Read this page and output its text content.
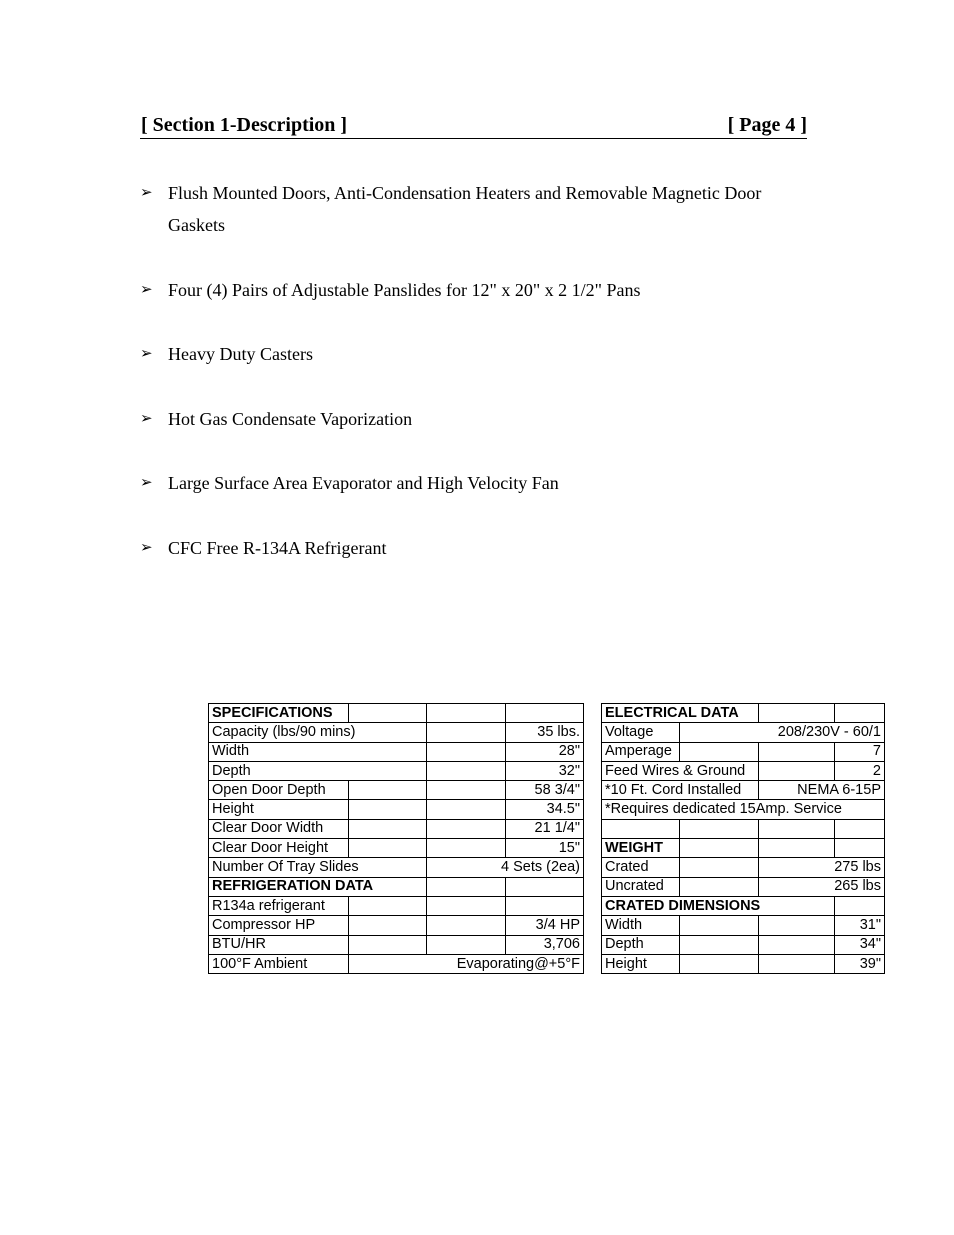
[ Section 1-Description ]	[ Page 4 ]
➢ Flush Mounted Doors, Anti-Condensation Heaters and Removable Magnetic Door
Gaskets
➢ Four (4) Pairs of Adjustable Panslides for 12" x 20" x 2 1/2" Pans
➢ Heavy Duty Casters
➢ Hot Gas Condensate Vaporization
➢ Large Surface Area Evaporator and High Velocity Fan
➢ CFC Free R-134A Refrigerant
SPECIFICATIONS					ELECTRICAL DATA			
Capacity (lbs/90 mins)			35 lbs.		Voltage	208/230V - 60/1		
Width			28"		Amperage			7
Depth			32"		Feed Wires & Ground			2
Open Door Depth			58 3/4"		*10 Ft. Cord Installed		NEMA 6-15P	
Height			34.5"		*Requires dedicated 15Amp. Service			
Clear Door Width			21 1/4"					
Clear Door Height			15"		WEIGHT			
Number Of Tray Slides		4 Sets (2ea)			Crated		275 lbs	
REFRIGERATION DATA					Uncrated		265 lbs	
R134a refrigerant					CRATED DIMENSIONS			
Compressor HP			3/4 HP		Width			31"
BTU/HR			3,706		Depth			34"
100°F Ambient	Evaporating@+5°F				Height			39"
